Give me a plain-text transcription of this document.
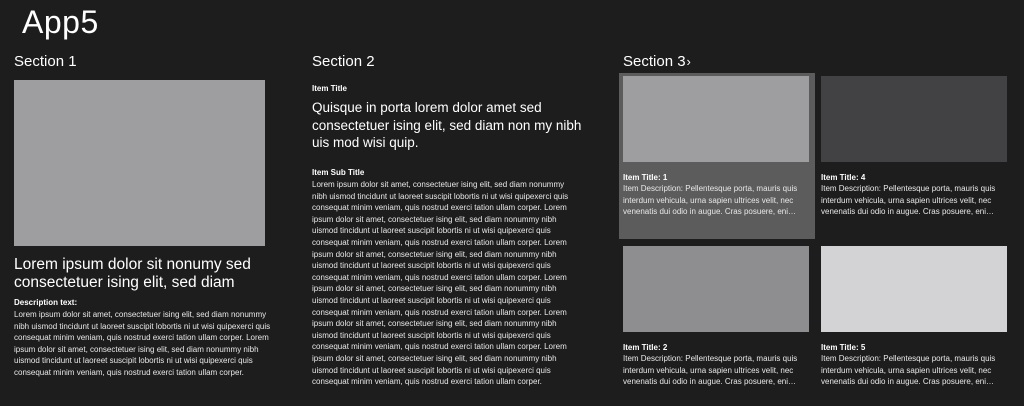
App5
Section 1	Section 2	Section 3›
Lorem ipsum dolor sit nonumy sed consectetuer ising elit, sed diam
Description text:
Lorem ipsum dolor sit amet, consectetuer ising elit, sed diam nonummy nibh uismod tincidunt ut laoreet suscipit lobortis ni ut wisi quipexerci quis consequat minim veniam, quis nostrud exerci tation ullam corper. Lorem ipsum dolor sit amet, consectetuer ising elit, sed diam nonummy nibh uismod tincidunt ut laoreet suscipit lobortis ni ut wisi quipexerci quis consequat minim veniam, quis nostrud exerci tation ullam corper.
Item Title
Quisque in porta lorem dolor amet sed consectetuer ising elit, sed diam non my nibh uis mod wisi quip.
Item Sub Title
Lorem ipsum dolor sit amet, consectetuer ising elit, sed diam nonummy nibh uismod tincidunt ut laoreet suscipit lobortis ni ut wisi quipexerci quis consequat minim veniam, quis nostrud exerci tation ullam corper. Lorem ipsum dolor sit amet, consectetuer ising elit, sed diam nonummy nibh uismod tincidunt ut laoreet suscipit lobortis ni ut wisi quipexerci quis consequat minim veniam, quis nostrud exerci tation ullam corper. Lorem ipsum dolor sit amet, consectetuer ising elit, sed diam nonummy nibh uismod tincidunt ut laoreet suscipit lobortis ni ut wisi quipexerci quis consequat minim veniam, quis nostrud exerci tation ullam corper. Lorem ipsum dolor sit amet, consectetuer ising elit, sed diam nonummy nibh uismod tincidunt ut laoreet suscipit lobortis ni ut wisi quipexerci quis consequat minim veniam, quis nostrud exerci tation ullam corper. Lorem ipsum dolor sit amet, consectetuer ising elit, sed diam nonummy nibh uismod tincidunt ut laoreet suscipit lobortis ni ut wisi quipexerci quis consequat minim veniam, quis nostrud exerci tation ullam corper. Lorem ipsum dolor sit amet, consectetuer ising elit, sed diam nonummy nibh uismod tincidunt ut laoreet suscipit lobortis ni ut wisi quipexerci quis consequat minim veniam, quis nostrud exerci tation ullam corper.
Item Title: 1
Item Description: Pellentesque porta, mauris quis interdum vehicula, urna sapien ultrices velit, nec venenatis dui odio in augue. Cras posuere, eni…
Item Title: 4
Item Description: Pellentesque porta, mauris quis interdum vehicula, urna sapien ultrices velit, nec venenatis dui odio in augue. Cras posuere, eni…
Item Title: 2
Item Description: Pellentesque porta, mauris quis interdum vehicula, urna sapien ultrices velit, nec venenatis dui odio in augue. Cras posuere, eni…
Item Title: 5
Item Description: Pellentesque porta, mauris quis interdum vehicula, urna sapien ultrices velit, nec venenatis dui odio in augue. Cras posuere, eni…
